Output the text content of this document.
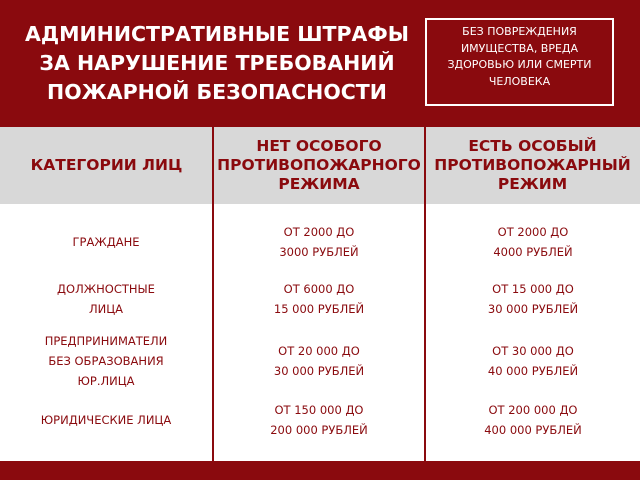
АДМИНИСТРАТИВНЫЕ ШТРАФЫ
ЗА НАРУШЕНИЕ ТРЕБОВАНИЙ
ПОЖАРНОЙ БЕЗОПАСНОСТИ
БЕЗ ПОВРЕЖДЕНИЯ
ИМУЩЕСТВА, ВРЕДА
ЗДОРОВЬЮ ИЛИ СМЕРТИ
ЧЕЛОВЕКА
КАТЕГОРИИ ЛИЦ
НЕТ ОСОБОГО
ПРОТИВОПОЖАРНОГО
РЕЖИМА
ЕСТЬ ОСОБЫЙ
ПРОТИВОПОЖАРНЫЙ
РЕЖИМ
ГРАЖДАНЕ
ОТ 2000 ДО
3000 РУБЛЕЙ
ОТ 2000 ДО
4000 РУБЛЕЙ
ДОЛЖНОСТНЫЕ
ЛИЦА
ОТ 6000 ДО
15 000 РУБЛЕЙ
ОТ 15 000 ДО
30 000 РУБЛЕЙ
ПРЕДПРИНИМАТЕЛИ
БЕЗ ОБРАЗОВАНИЯ
ЮР.ЛИЦА
ОТ 20 000 ДО
30 000 РУБЛЕЙ
ОТ 30 000 ДО
40 000 РУБЛЕЙ
ЮРИДИЧЕСКИЕ ЛИЦА
ОТ 150 000 ДО
200 000 РУБЛЕЙ
ОТ 200 000 ДО
400 000 РУБЛЕЙ
